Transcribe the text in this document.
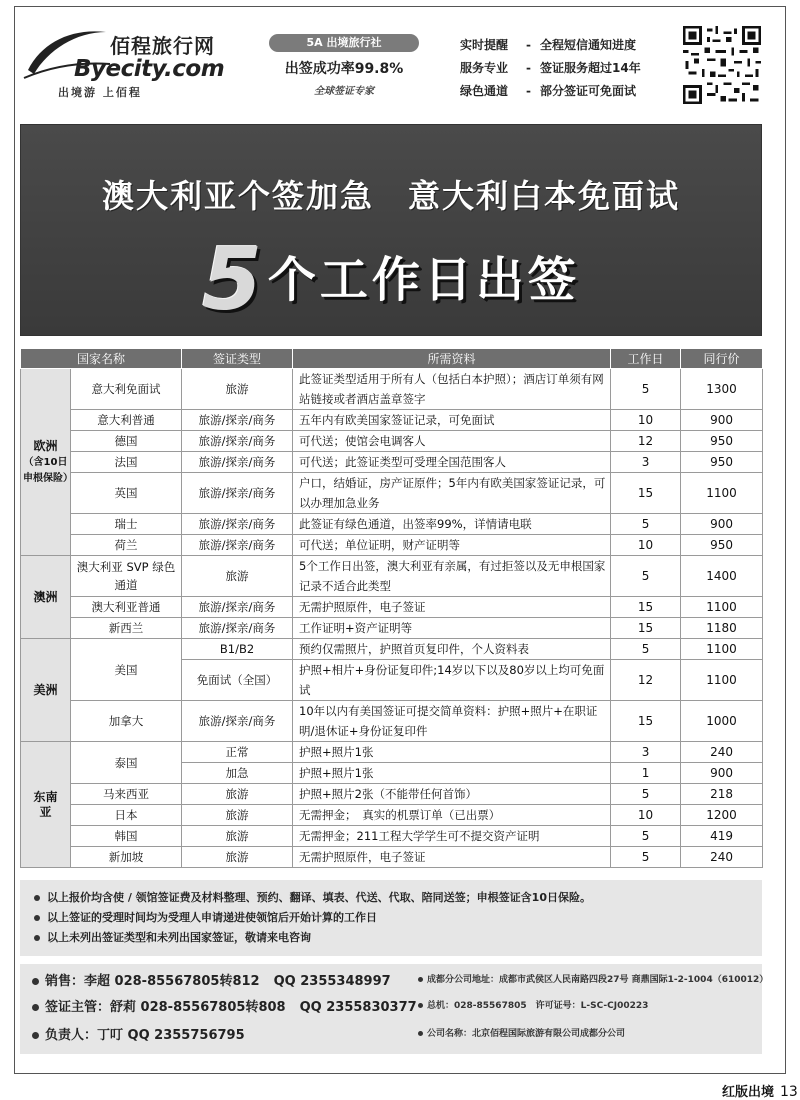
佰程旅行网
Byecity.com
出境游 上佰程
5A 出境旅行社
出签成功率99.8%
全球签证专家
实时提醒 - 全程短信通知进度
服务专业 - 签证服务超过14年
绿色通道 - 部分签证可免面试
澳大利亚个签加急　意大利白本免面试
5 个工作日出签
国家名称		签证类型	所需资料	工作日	同行价
欧洲
（含10日
申根保险）	意大利免面试	旅游	此签证类型适用于所有人（包括白本护照）；酒店订单须有网站链接或者酒店盖章签字	5	1300
	意大利普通	旅游/探亲/商务	五年内有欧美国家签证记录，可免面试	10	900
	德国	旅游/探亲/商务	可代送；使馆会电调客人	12	950
	法国	旅游/探亲/商务	可代送；此签证类型可受理全国范围客人	3	950
	英国	旅游/探亲/商务	户口，结婚证，房产证原件；5年内有欧美国家签证记录，可以办理加急业务	15	1100
	瑞士	旅游/探亲/商务	此签证有绿色通道，出签率99%，详情请电联	5	900
	荷兰	旅游/探亲/商务	可代送；单位证明，财产证明等	10	950
澳洲	澳大利亚 SVP 绿色通道	旅游	5个工作日出签，澳大利亚有亲属，有过拒签以及无申根国家记录不适合此类型	5	1400
	澳大利亚普通	旅游/探亲/商务	无需护照原件，电子签证	15	1100
	新西兰	旅游/探亲/商务	工作证明+资产证明等	15	1180
美洲	美国	B1/B2	预约仅需照片，护照首页复印件，个人资料表	5	1100
		免面试（全国）	护照+相片+身份证复印件;14岁以下以及80岁以上均可免面试	12	1100
	加拿大	旅游/探亲/商务	10年以内有美国签证可提交简单资料：护照+照片+在职证明/退休证+身份证复印件	15	1000

东南
亚	泰国	正常	护照+照片1张	3	240
		加急	护照+照片1张	1	900
	马来西亚	旅游	护照+照片2张（不能带任何首饰）	5	218
	日本	旅游	无需押金；　真实的机票订单（已出票）	10	1200
	韩国	旅游	无需押金；211工程大学学生可不提交资产证明	5	419
	新加坡	旅游	无需护照原件，电子签证	5	240
以上报价均含使 / 领馆签证费及材料整理、预约、翻译、填表、代送、代取、陪同送签；申根签证含10日保险。
以上签证的受理时间均为受理人申请递进使领馆后开始计算的工作日
以上未列出签证类型和未列出国家签证，敬请来电咨询
销售：李超 028-85567805转812 QQ 2355348997	成都分公司地址：成都市武侯区人民南路四段27号 商鼎国际1-2-1004（610012）
签证主管：舒莉 028-85567805转808 QQ 2355830377	总机：028-85567805　许可证号：L-SC-CJ00223
负责人：丁叮 QQ 2355756795	公司名称：北京佰程国际旅游有限公司成都分公司
红版出境 13
